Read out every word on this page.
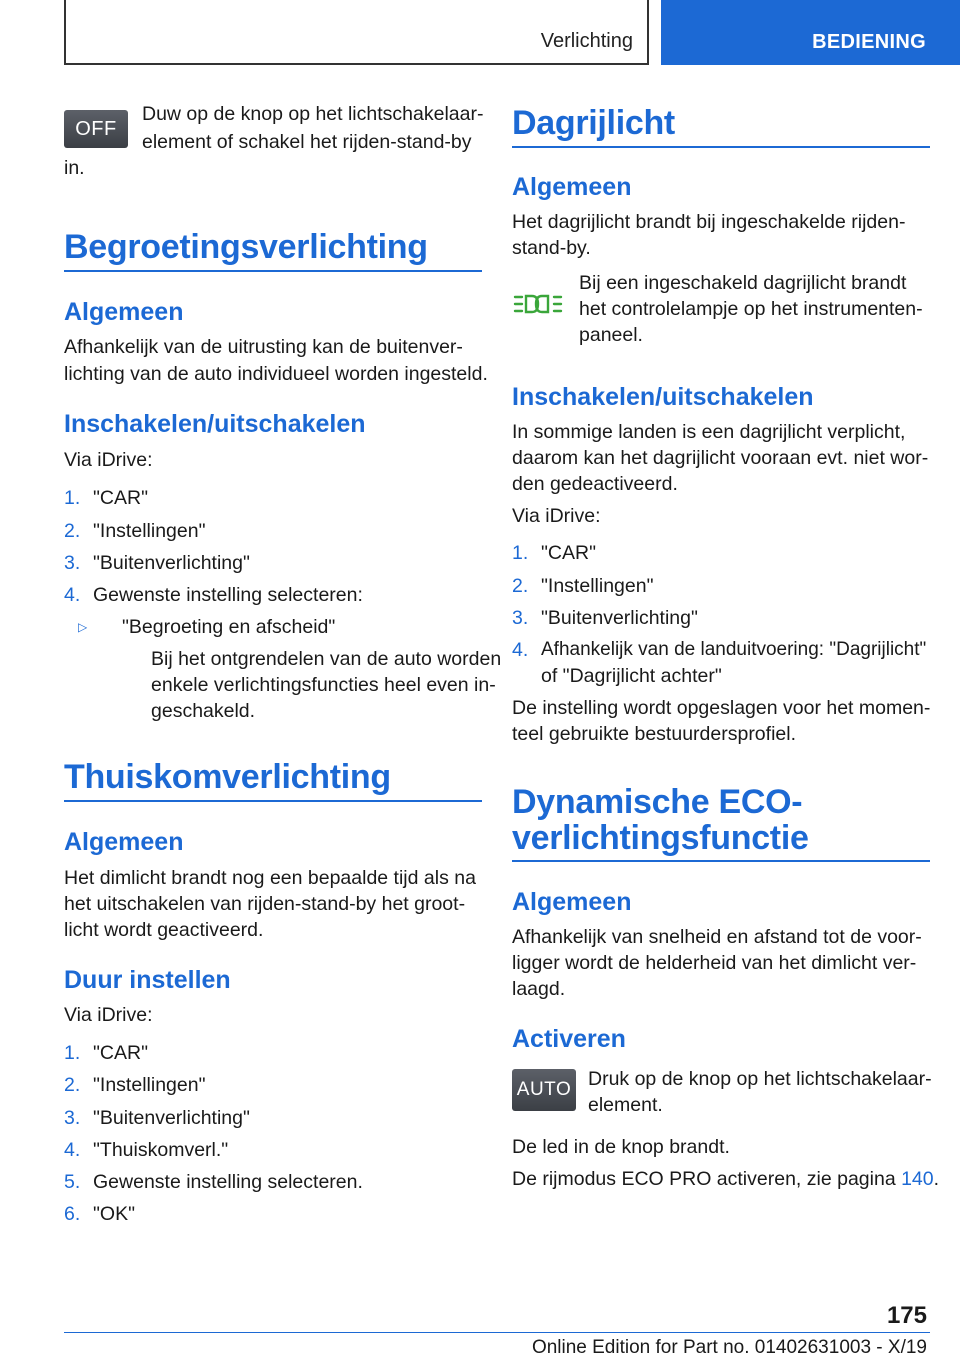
Verlichting	BEDIENING
OFF
Duw op de knop op het lichtschakelaar-
element of schakel het rijden-stand-by
in.
Begroetingsverlichting
Algemeen
Afhankelijk van de uitrusting kan de buitenver-
lichting van de auto individueel worden ingesteld.
Inschakelen/uitschakelen
Via iDrive:
1. "CAR"
2. "Instellingen"
3. "Buitenverlichting"
4. Gewenste instelling selecteren:
▷ "Begroeting en afscheid"
Bij het ontgrendelen van de auto worden
enkele verlichtingsfuncties heel even in-
geschakeld.
Thuiskomverlichting
Algemeen
Het dimlicht brandt nog een bepaalde tijd als na
het uitschakelen van rijden-stand-by het groot-
licht wordt geactiveerd.
Duur instellen
Via iDrive:
1. "CAR"
2. "Instellingen"
3. "Buitenverlichting"
4. "Thuiskomverl."
5. Gewenste instelling selecteren.
6. "OK"
Dagrijlicht
Algemeen
Het dagrijlicht brandt bij ingeschakelde rijden-
stand-by.
Bij een ingeschakeld dagrijlicht brandt
het controlelampje op het instrumenten-
paneel.
Inschakelen/uitschakelen
In sommige landen is een dagrijlicht verplicht,
daarom kan het dagrijlicht vooraan evt. niet wor-
den gedeactiveerd.
Via iDrive:
1. "CAR"
2. "Instellingen"
3. "Buitenverlichting"
4. Afhankelijk van de landuitvoering: "Dagrijlicht"
of "Dagrijlicht achter"
De instelling wordt opgeslagen voor het momen-
teel gebruikte bestuurdersprofiel.
Dynamische ECO-
verlichtingsfunctie
Algemeen
Afhankelijk van snelheid en afstand tot de voor-
ligger wordt de helderheid van het dimlicht ver-
laagd.
Activeren
AUTO Druk op de knop op het lichtschakelaar-
element.
De led in de knop brandt.
De rijmodus ECO PRO activeren, zie pagina 140.
175
Online Edition for Part no. 01402631003 - X/19
